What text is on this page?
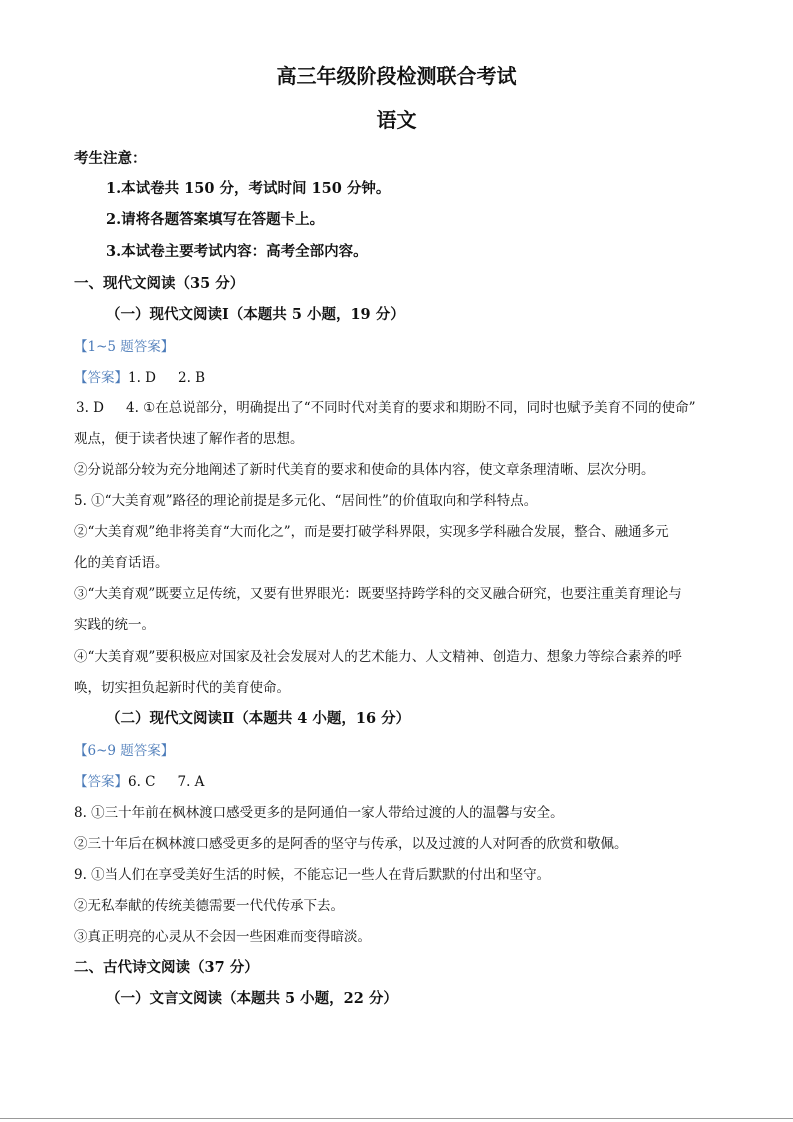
高三年级阶段检测联合考试
语文
考生注意：
1.本试卷共 150 分，考试时间 150 分钟。
2.请将各题答案填写在答题卡上。
3.本试卷主要考试内容：高考全部内容。
一、现代文阅读（35 分）
（一）现代文阅读Ⅰ（本题共 5 小题，19 分）
【1~5 题答案】
【答案】1. D 2. B
3. D 4. ①在总说部分，明确提出了“不同时代对美育的要求和期盼不同，同时也赋予美育不同的使命”
观点，便于读者快速了解作者的思想。
②分说部分较为充分地阐述了新时代美育的要求和使命的具体内容，使文章条理清晰、层次分明。
5. ①“大美育观”路径的理论前提是多元化、“居间性”的价值取向和学科特点。
②“大美育观”绝非将美育“大而化之”，而是要打破学科界限，实现多学科融合发展，整合、融通多元
化的美育话语。
③“大美育观”既要立足传统，又要有世界眼光：既要坚持跨学科的交叉融合研究，也要注重美育理论与
实践的统一。
④“大美育观”要积极应对国家及社会发展对人的艺术能力、人文精神、创造力、想象力等综合素养的呼
唤，切实担负起新时代的美育使命。
（二）现代文阅读Ⅱ（本题共 4 小题，16 分）
【6~9 题答案】
【答案】6. C 7. A
8. ①三十年前在枫林渡口感受更多的是阿通伯一家人带给过渡的人的温馨与安全。
②三十年后在枫林渡口感受更多的是阿香的坚守与传承，以及过渡的人对阿香的欣赏和敬佩。
9. ①当人们在享受美好生活的时候，不能忘记一些人在背后默默的付出和坚守。
②无私奉献的传统美德需要一代代传承下去。
③真正明亮的心灵从不会因一些困难而变得暗淡。
二、古代诗文阅读（37 分）
（一）文言文阅读（本题共 5 小题，22 分）
